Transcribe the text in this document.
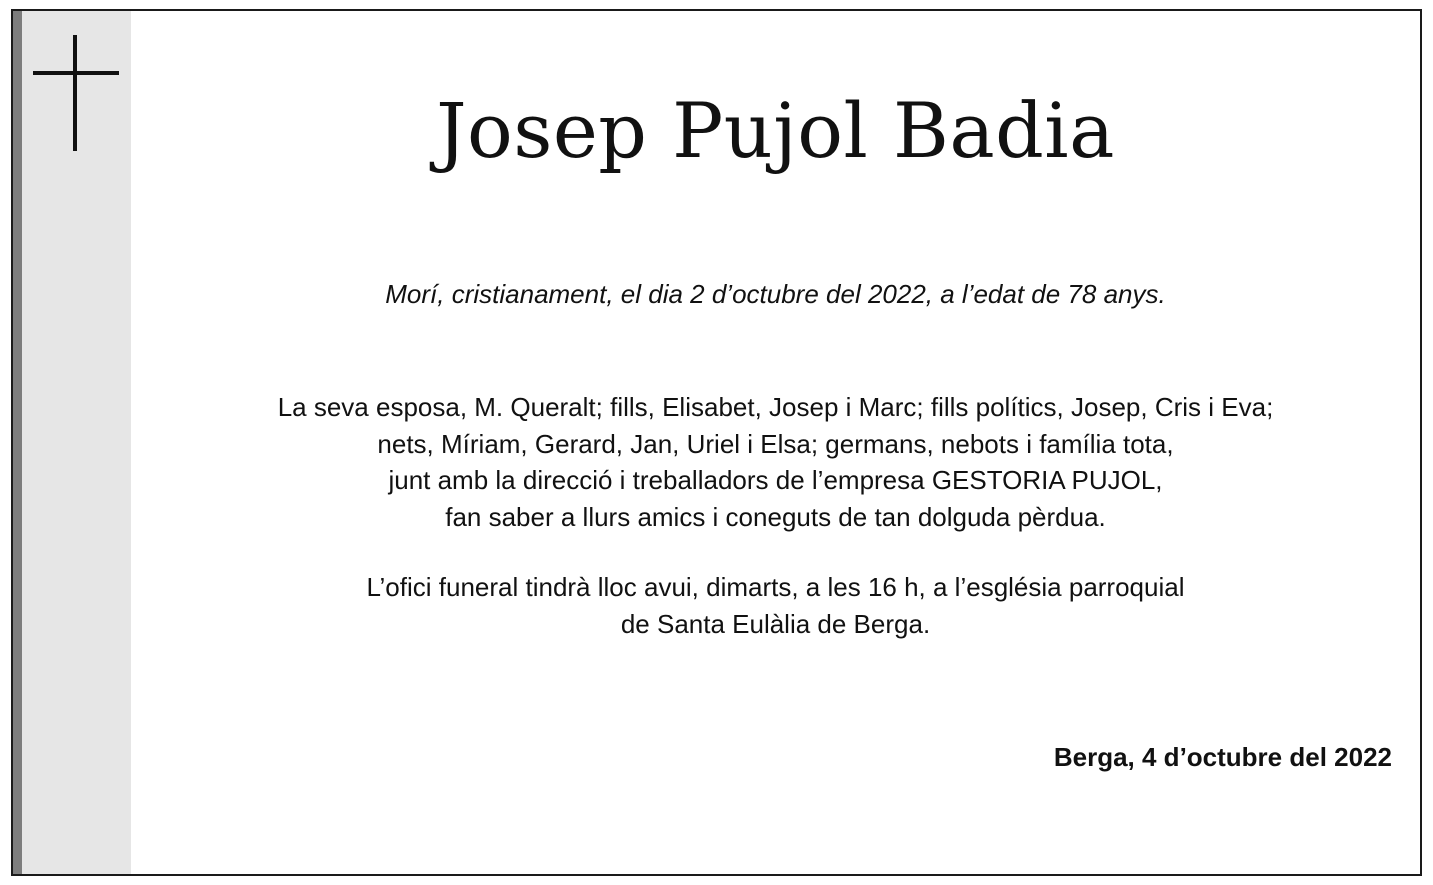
Josep Pujol Badia

Morí, cristianament, el dia 2 d’octubre del 2022, a l’edat de 78 anys.

La seva esposa, M. Queralt; fills, Elisabet, Josep i Marc; fills polítics, Josep, Cris i Eva;
nets, Míriam, Gerard, Jan, Uriel i Elsa; germans, nebots i família tota,
junt amb la direcció i treballadors de l’empresa GESTORIA PUJOL,
fan saber a llurs amics i coneguts de tan dolguda pèrdua.

L’ofici funeral tindrà lloc avui, dimarts, a les 16 h, a l’església parroquial
de Santa Eulàlia de Berga.

Berga, 4 d’octubre del 2022
